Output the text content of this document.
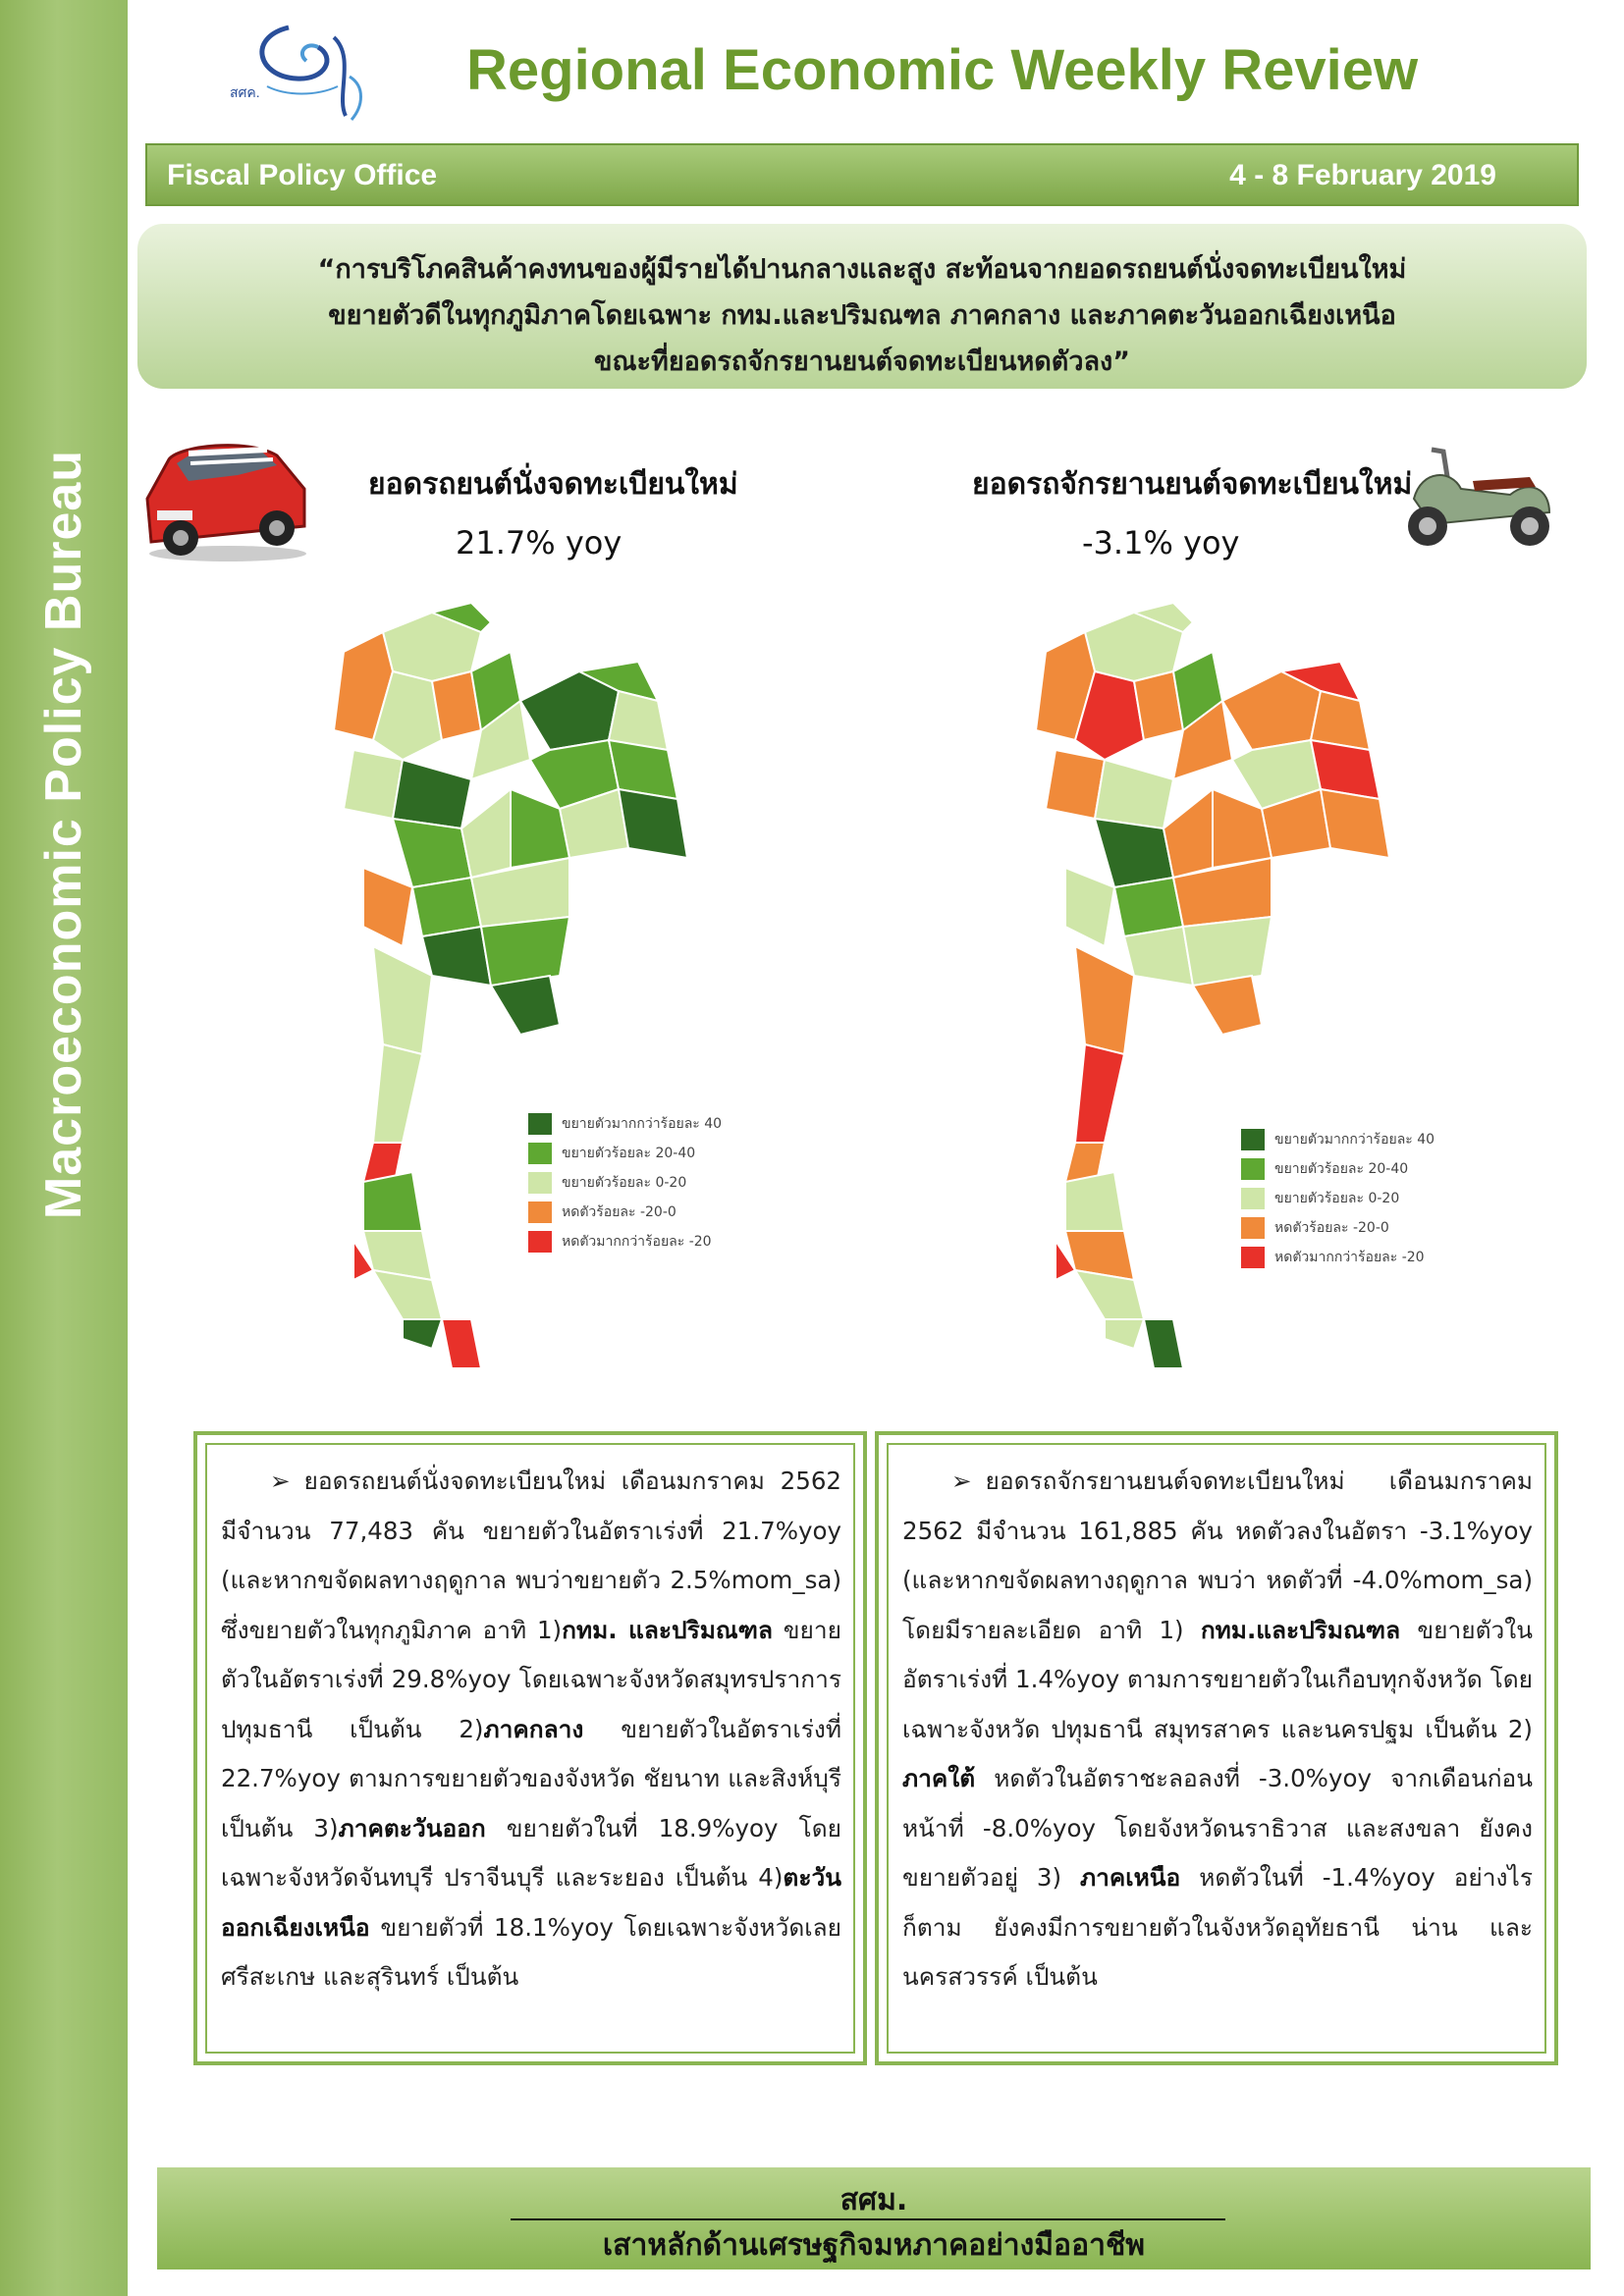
Macroeconomic Policy Bureau
สศค.	Regional Economic Weekly Review
Fiscal Policy Office	4 - 8 February 2019
“การบริโภคสินค้าคงทนของผู้มีรายได้ปานกลางและสูง สะท้อนจากยอดรถยนต์นั่งจดทะเบียนใหม่
ขยายตัวดีในทุกภูมิภาคโดยเฉพาะ กทม.และปริมณฑล ภาคกลาง และภาคตะวันออกเฉียงเหนือ
ขณะที่ยอดรถจักรยานยนต์จดทะเบียนหดตัวลง”
ยอดรถยนต์นั่งจดทะเบียนใหม่
21.7% yoy
ยอดรถจักรยานยนต์จดทะเบียนใหม่
-3.1% yoy
ขยายตัวมากกว่าร้อยละ 40
ขยายตัวร้อยละ 20-40
ขยายตัวร้อยละ 0-20
หดตัวร้อยละ -20-0
หดตัวมากกว่าร้อยละ -20
ขยายตัวมากกว่าร้อยละ 40
ขยายตัวร้อยละ 20-40
ขยายตัวร้อยละ 0-20
หดตัวร้อยละ -20-0
หดตัวมากกว่าร้อยละ -20
➢ ยอดรถยนต์นั่งจดทะเบียนใหม่ เดือนมกราคม 2562 มีจำนวน 77,483 คัน ขยายตัวในอัตราเร่งที่ 21.7%yoy (และหากขจัดผลทางฤดูกาล พบว่าขยายตัว 2.5%mom_sa) ซึ่งขยายตัวในทุกภูมิภาค อาทิ 1)กทม. และปริมณฑล ขยายตัวในอัตราเร่งที่ 29.8%yoy โดยเฉพาะจังหวัดสมุทรปราการ ปทุมธานี เป็นต้น 2)ภาคกลาง ขยายตัวในอัตราเร่งที่ 22.7%yoy ตามการขยายตัวของจังหวัด ชัยนาท และสิงห์บุรี เป็นต้น 3)ภาคตะวันออก ขยายตัวในที่ 18.9%yoy โดยเฉพาะจังหวัดจันทบุรี ปราจีนบุรี และระยอง เป็นต้น 4)ตะวันออกเฉียงเหนือ ขยายตัวที่ 18.1%yoy โดยเฉพาะจังหวัดเลย ศรีสะเกษ และสุรินทร์ เป็นต้น
➢ ยอดรถจักรยานยนต์จดทะเบียนใหม่ เดือนมกราคม 2562 มีจำนวน 161,885 คัน หดตัวลงในอัตรา -3.1%yoy (และหากขจัดผลทางฤดูกาล พบว่า หดตัวที่ -4.0%mom_sa) โดยมีรายละเอียด อาทิ 1) กทม.และปริมณฑล ขยายตัวในอัตราเร่งที่ 1.4%yoy ตามการขยายตัวในเกือบทุกจังหวัด โดยเฉพาะจังหวัด ปทุมธานี สมุทรสาคร และนครปฐม เป็นต้น 2) ภาคใต้ หดตัวในอัตราชะลอลงที่ -3.0%yoy จากเดือนก่อนหน้าที่ -8.0%yoy โดยจังหวัดนราธิวาส และสงขลา ยังคงขยายตัวอยู่ 3) ภาคเหนือ หดตัวในที่ -1.4%yoy อย่างไรก็ตาม ยังคงมีการขยายตัวในจังหวัดอุทัยธานี น่าน และนครสวรรค์ เป็นต้น
สศม.
เสาหลักด้านเศรษฐกิจมหภาคอย่างมืออาชีพ
